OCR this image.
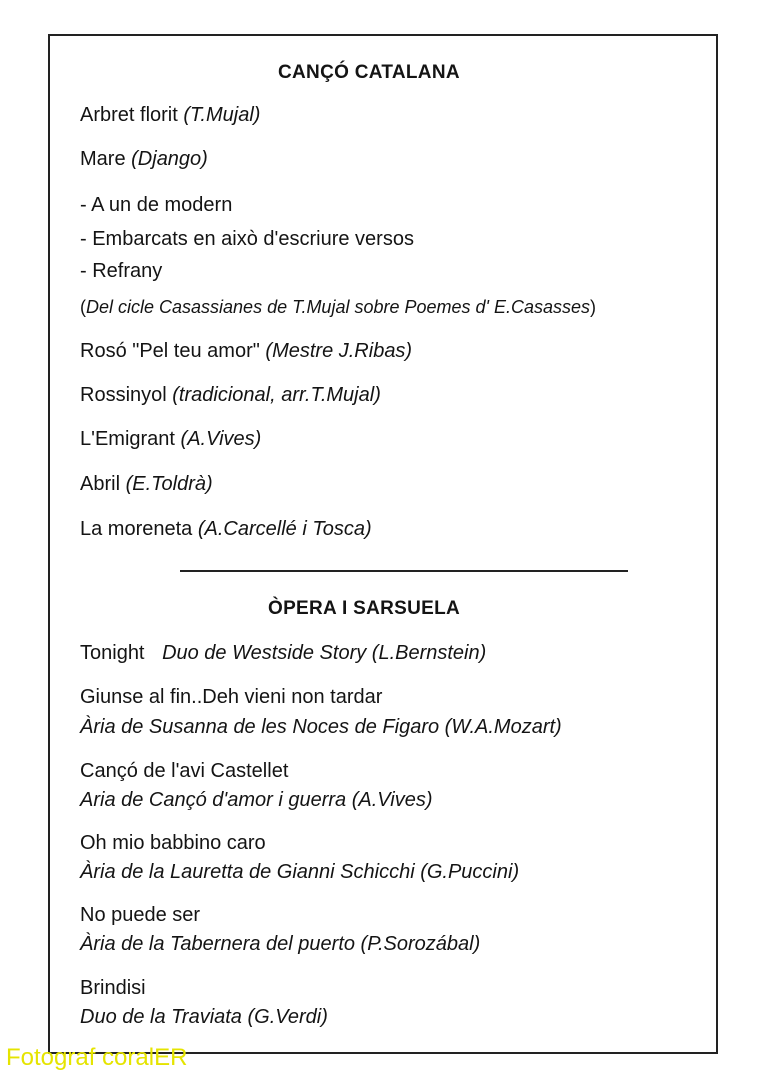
CANÇÓ CATALANA
Arbret florit (T.Mujal)
Mare (Django)
- A un de modern
- Embarcats en això d'escriure versos
- Refrany
(Del cicle Casassianes de T.Mujal sobre Poemes d' E.Casasses)
Rosó "Pel teu amor" (Mestre J.Ribas)
Rossinyol (tradicional, arr.T.Mujal)
L'Emigrant (A.Vives)
Abril (E.Toldrà)
La moreneta (A.Carcellé i Tosca)
ÒPERA I SARSUELA
Tonight Duo de Westside Story (L.Bernstein)
Giunse al fin..Deh vieni non tardar
Ària de Susanna de les Noces de Figaro (W.A.Mozart)
Cançó de l'avi Castellet
Aria de Cançó d'amor i guerra (A.Vives)
Oh mio babbino caro
Ària de la Lauretta de Gianni Schicchi (G.Puccini)
No puede ser
Ària de la Tabernera del puerto (P.Sorozábal)
Brindisi
Duo de la Traviata (G.Verdi)
Fotograf coralER
